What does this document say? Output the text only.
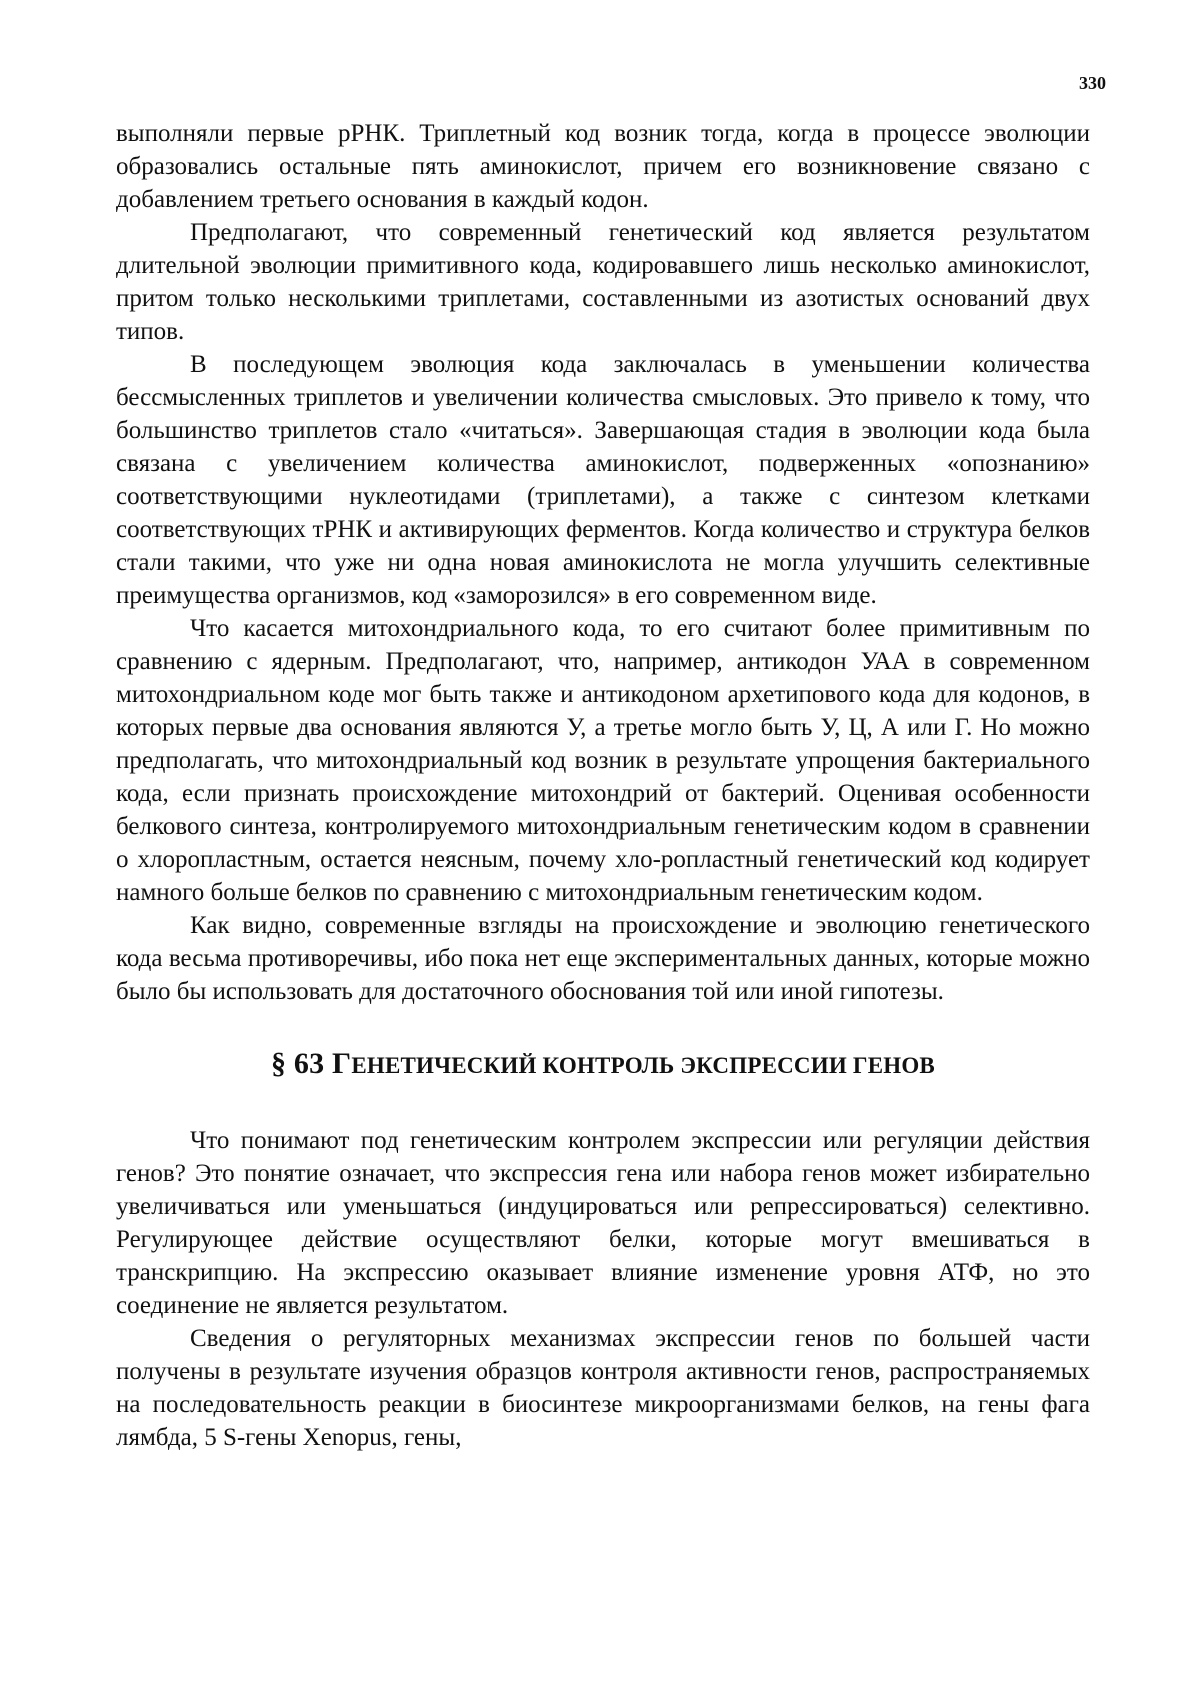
330

выполняли первые рРНК. Триплетный код возник тогда, когда в процессе эволюции образовались остальные пять аминокислот, причем его возникновение связано с добавлением третьего основания в каждый кодон.

Предполагают, что современный генетический код является результатом длительной эволюции примитивного кода, кодировавшего лишь несколько аминокислот, притом только несколькими триплетами, составленными из азотистых оснований двух типов.

В последующем эволюция кода заключалась в уменьшении количества бессмысленных триплетов и увеличении количества смысловых. Это привело к тому, что большинство триплетов стало «читаться». Завершающая стадия в эволюции кода была связана с увеличением количества аминокислот, подверженных «опознанию» соответствующими нуклеотидами (триплетами), а также с синтезом клетками соответствующих тРНК и активирующих ферментов. Когда количество и структура белков стали такими, что уже ни одна новая аминокислота не могла улучшить селективные преимущества организмов, код «заморозился» в его современном виде.

Что касается митохондриального кода, то его считают более примитивным по сравнению с ядерным. Предполагают, что, например, антикодон УАА в современном митохондриальном коде мог быть также и антикодоном архетипового кода для кодонов, в которых первые два основания являются У, а третье могло быть У, Ц, А или Г. Но можно предполагать, что митохондриальный код возник в результате упрощения бактериального кода, если признать происхождение митохондрий от бактерий. Оценивая особенности белкового синтеза, контролируемого митохондриальным генетическим кодом в сравнении о хлоропластным, остается неясным, почему хло-ропластный генетический код кодирует намного больше белков по сравнению с митохондриальным генетическим кодом.

Как видно, современные взгляды на происхождение и эволюцию генетического кода весьма противоречивы, ибо пока нет еще экспериментальных данных, которые можно было бы использовать для достаточного обоснования той или иной гипотезы.

§ 63 ГЕНЕТИЧЕСКИЙ КОНТРОЛЬ ЭКСПРЕССИИ ГЕНОВ

Что понимают под генетическим контролем экспрессии или регуляции действия генов? Это понятие означает, что экспрессия гена или набора генов может избирательно увеличиваться или уменьшаться (индуцироваться или репрессироваться) селективно. Регулирующее действие осуществляют белки, которые могут вмешиваться в транскрипцию. На экспрессию оказывает влияние изменение уровня АТФ, но это соединение не является результатом.

Сведения о регуляторных механизмах экспрессии генов по большей части получены в результате изучения образцов контроля активности генов, распространяемых на последовательность реакции в биосинтезе микроорганизмами белков, на гены фага лямбда, 5 S-гены Xenopus, гены,
